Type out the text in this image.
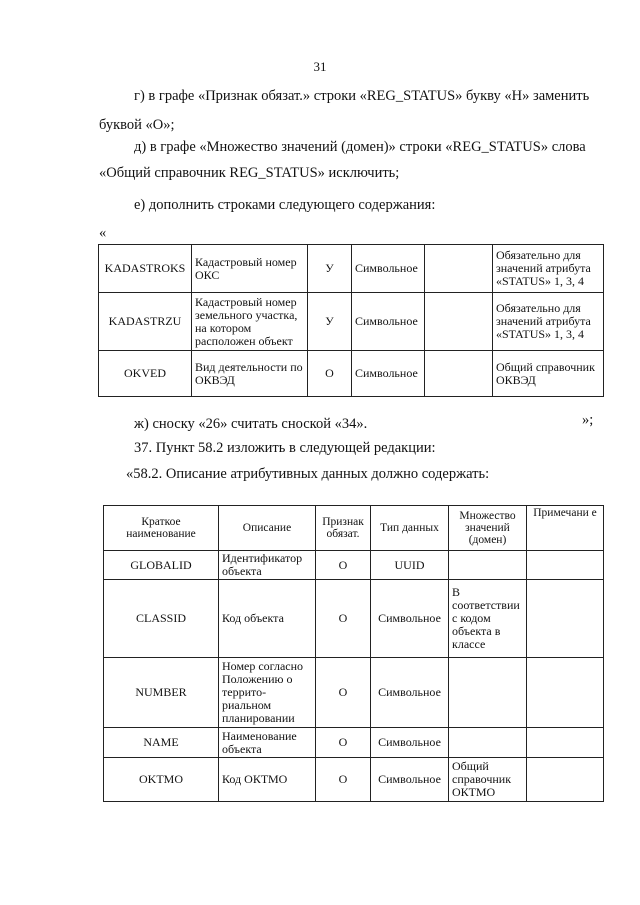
31
г) в графе «Признак обязат.» строки «REG_STATUS» букву «Н» заменить
буквой «О»;
д) в графе «Множество значений (домен)» строки «REG_STATUS» слова
«Общий справочник REG_STATUS» исключить;
е) дополнить строками следующего содержания:
«
KADASTROKS	Кадастровый номер ОКС	У	Символьное		Обязательно для значений атрибута «STATUS» 1, 3, 4
KADASTRZU	Кадастровый номер земельного участка, на котором расположен объект	У	Символьное		Обязательно для значений атрибута «STATUS» 1, 3, 4
OKVED	Вид деятельности по ОКВЭД	О	Символьное		Общий справочник ОКВЭД
»;
ж) сноску «26» считать сноской «34».
37. Пункт 58.2 изложить в следующей редакции:
«58.2. Описание атрибутивных данных должно содержать:
Краткое наименование	Описание	Признак обязат.	Тип данных	Множество значений (домен)	Примечани е
GLOBALID	Идентификатор объекта	О	UUID		
CLASSID	Код объекта	О	Символьное	В соответствии с кодом объекта в классе	
NUMBER	Номер согласно Положению о террито-риальном планировании	О	Символьное		
NAME	Наименование объекта	О	Символьное		
OKTMO	Код ОКТМО	О	Символьное	Общий справочник ОКТМО	
